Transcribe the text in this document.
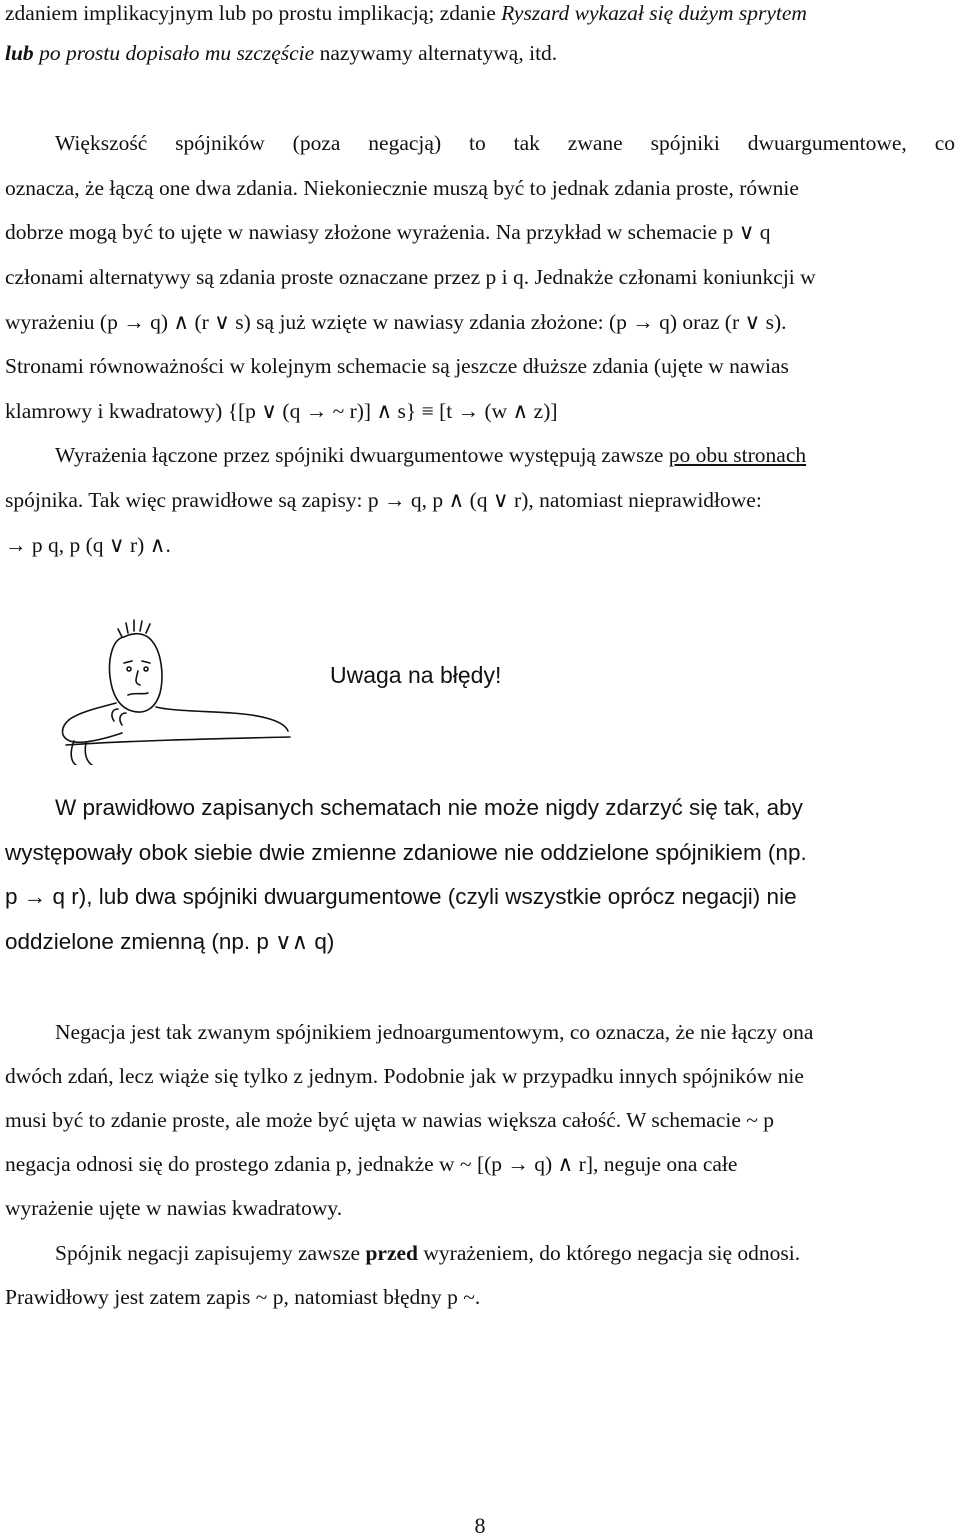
zdaniem implikacyjnym lub po prostu implikacją; zdanie Ryszard wykazał się dużym sprytem
lub po prostu dopisało mu szczęście nazywamy alternatywą, itd.
Większość spójników (poza negacją) to tak zwane spójniki dwuargumentowe, co
oznacza, że łączą one dwa zdania. Niekoniecznie muszą być to jednak zdania proste, równie
dobrze mogą być to ujęte w nawiasy złożone wyrażenia. Na przykład w schemacie p ∨ q
członami alternatywy są zdania proste oznaczane przez p i q. Jednakże członami koniunkcji w
wyrażeniu (p → q) ∧ (r ∨ s) są już wzięte w nawiasy zdania złożone: (p → q) oraz (r ∨ s).
Stronami równoważności w kolejnym schemacie są jeszcze dłuższe zdania (ujęte w nawias
klamrowy i kwadratowy) {[p ∨ (q → ~ r)] ∧ s} ≡ [t → (w ∧ z)]
Wyrażenia łączone przez spójniki dwuargumentowe występują zawsze po obu stronach
spójnika. Tak więc prawidłowe są zapisy: p → q, p ∧ (q ∨ r), natomiast nieprawidłowe:
→ p q, p (q ∨ r) ∧.
Uwaga na błędy!
W prawidłowo zapisanych schematach nie może nigdy zdarzyć się tak, aby
występowały obok siebie dwie zmienne zdaniowe nie oddzielone spójnikiem (np.
p → q r), lub dwa spójniki dwuargumentowe (czyli wszystkie oprócz negacji) nie
oddzielone zmienną (np. p ∨∧ q)
Negacja jest tak zwanym spójnikiem jednoargumentowym, co oznacza, że nie łączy ona
dwóch zdań, lecz wiąże się tylko z jednym. Podobnie jak w przypadku innych spójników nie
musi być to zdanie proste, ale może być ujęta w nawias większa całość. W schemacie ~ p
negacja odnosi się do prostego zdania p, jednakże w ~ [(p → q) ∧ r], neguje ona całe
wyrażenie ujęte w nawias kwadratowy.
Spójnik negacji zapisujemy zawsze przed wyrażeniem, do którego negacja się odnosi.
Prawidłowy jest zatem zapis ~ p, natomiast błędny p ~.
8
